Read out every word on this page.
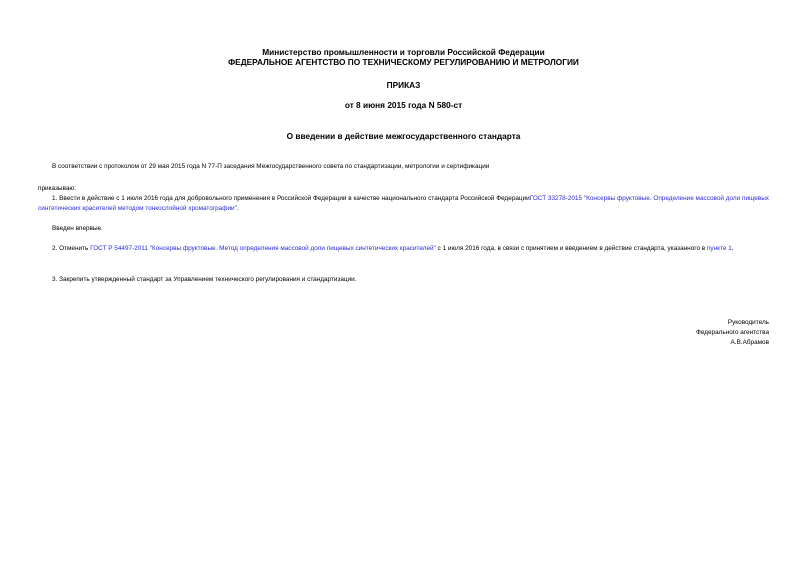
Министерство промышленности и торговли Российской Федерации
ФЕДЕРАЛЬНОЕ АГЕНТСТВО ПО ТЕХНИЧЕСКОМУ РЕГУЛИРОВАНИЮ И МЕТРОЛОГИИ
ПРИКАЗ
от 8 июня 2015 года N 580-ст
О введении в действие межгосударственного стандарта
В соответствии с протоколом от 29 мая 2015 года N 77-П заседания Межгосударственного совета по стандартизации, метрологии и сертификации
приказываю:
1. Ввести в действие с 1 июля 2016 года для добровольного применения в Российской Федерации в качестве национального стандарта Российской ФедерацииГОСТ 33278-2015 "Консервы фруктовые. Определение массовой доли пищевых синтетических красителей методом тонкослойной хроматографии".
Введен впервые.
2. Отменить ГОСТ Р 54497-2011 "Консервы фруктовые. Метод определения массовой доли пищевых синтетических красителей" с 1 июля 2016 года, в связи с принятием и введением в действие стандарта, указанного в пункте 1.
3. Закрепить утвержденный стандарт за Управлением технического регулирования и стандартизации.
Руководитель
Федерального агентства
А.В.Абрамов
